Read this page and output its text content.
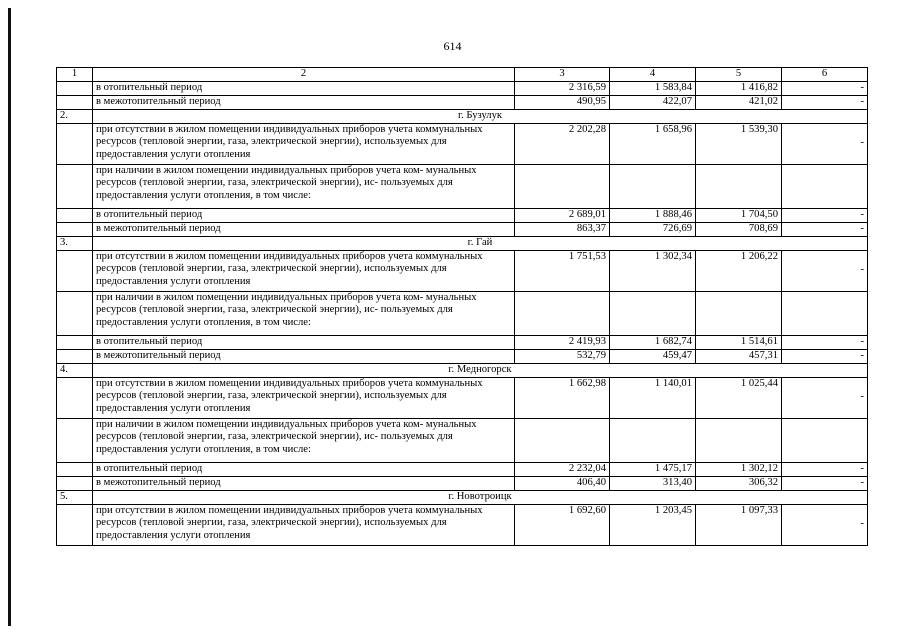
614
1	2	3	4	5	6
	в отопительный период	2 316,59	1 583,84	1 416,82	-
	в межотопительный период	490,95	422,07	421,02	-
2.	г. Бузулук				
	при отсутствии в жилом помещении индивидуальных приборов учета коммунальных ресурсов (тепловой энергии, газа, электрической энергии), используемых для предоставления услуги отопления	2 202,28	1 658,96	1 539,30	-
	при наличии в жилом помещении индивидуальных приборов учета ком- мунальных ресурсов (тепловой энергии, газа, электрической энергии), ис- пользуемых для предоставления услуги отопления, в том числе:				
	в отопительный период	2 689,01	1 888,46	1 704,50	-
	в межотопительный период	863,37	726,69	708,69	-
3.	г. Гай				
	при отсутствии в жилом помещении индивидуальных приборов учета коммунальных ресурсов (тепловой энергии, газа, электрической энергии), используемых для предоставления услуги отопления	1 751,53	1 302,34	1 206,22	-
	при наличии в жилом помещении индивидуальных приборов учета ком- мунальных ресурсов (тепловой энергии, газа, электрической энергии), ис- пользуемых для предоставления услуги отопления, в том числе:				
	в отопительный период	2 419,93	1 682,74	1 514,61	-
	в межотопительный период	532,79	459,47	457,31	-
4.	г. Медногорск				
	при отсутствии в жилом помещении индивидуальных приборов учета коммунальных ресурсов (тепловой энергии, газа, электрической энергии), используемых для предоставления услуги отопления	1 662,98	1 140,01	1 025,44	-
	при наличии в жилом помещении индивидуальных приборов учета ком- мунальных ресурсов (тепловой энергии, газа, электрической энергии), ис- пользуемых для предоставления услуги отопления, в том числе:				
	в отопительный период	2 232,04	1 475,17	1 302,12	-
	в межотопительный период	406,40	313,40	306,32	-
5.	г. Новотроицк				
	при отсутствии в жилом помещении индивидуальных приборов учета коммунальных ресурсов (тепловой энергии, газа, электрической энергии), используемых для предоставления услуги отопления	1 692,60	1 203,45	1 097,33	-
